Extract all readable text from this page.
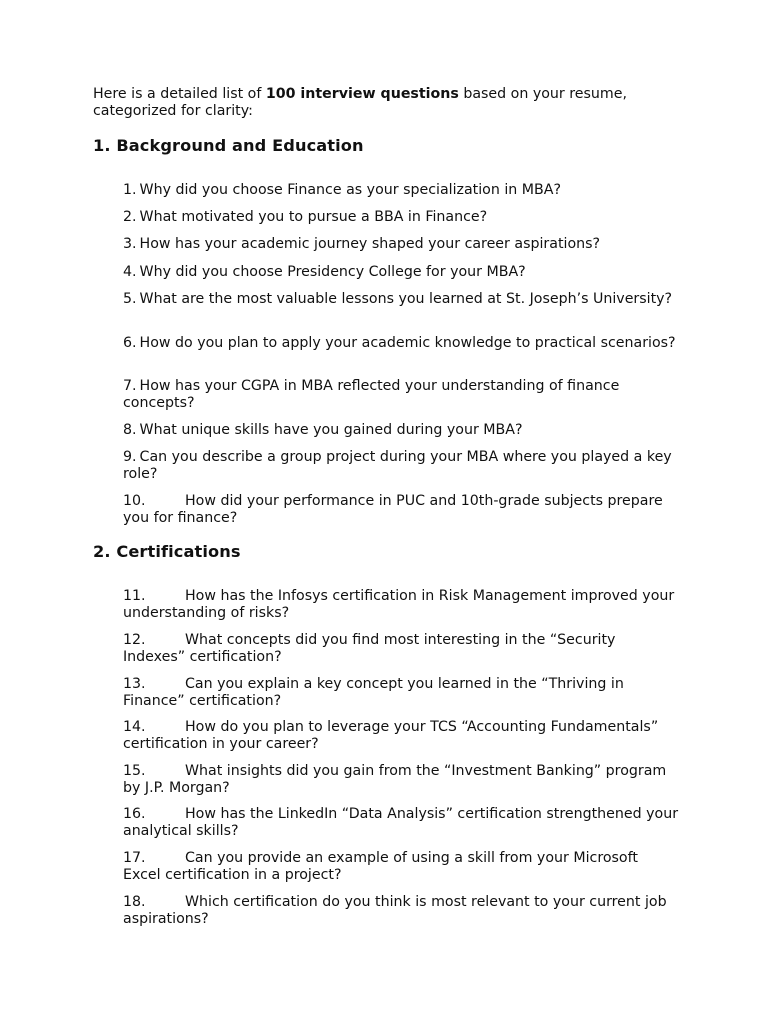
Here is a detailed list of 100 interview questions based on your resume, categorized for clarity:

1. Background and Education
1. Why did you choose Finance as your specialization in MBA?
2. What motivated you to pursue a BBA in Finance?
3. How has your academic journey shaped your career aspirations?
4. Why did you choose Presidency College for your MBA?
5. What are the most valuable lessons you learned at St. Joseph’s University?
6. How do you plan to apply your academic knowledge to practical scenarios?
7. How has your CGPA in MBA reflected your understanding of finance concepts?
8. What unique skills have you gained during your MBA?
9. Can you describe a group project during your MBA where you played a key role?
10.	How did your performance in PUC and 10th-grade subjects prepare you for finance?
2. Certifications
11.	How has the Infosys certification in Risk Management improved your understanding of risks?
12.	What concepts did you find most interesting in the “Security Indexes” certification?
13.	Can you explain a key concept you learned in the “Thriving in Finance” certification?
14.	How do you plan to leverage your TCS “Accounting Fundamentals” certification in your career?
15.	What insights did you gain from the “Investment Banking” program by J.P. Morgan?
16.	How has the LinkedIn “Data Analysis” certification strengthened your analytical skills?
17.	Can you provide an example of using a skill from your Microsoft Excel certification in a project?
18.	Which certification do you think is most relevant to your current job aspirations?
